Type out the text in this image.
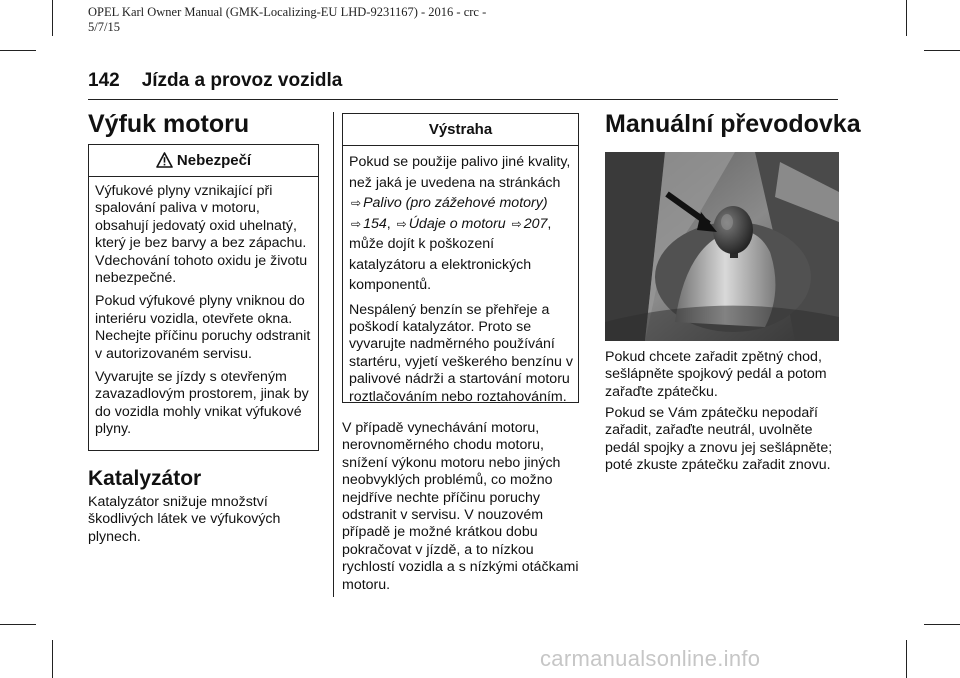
OPEL Karl Owner Manual (GMK-Localizing-EU LHD-9231167) - 2016 - crc -
5/7/15
142 Jízda a provoz vozidla
Výfuk motoru
Nebezpečí

Výfukové plyny vznikající při spalování paliva v motoru, obsahují jedovatý oxid uhelnatý, který je bez barvy a bez zápachu. Vdechování tohoto oxidu je životu nebezpečné.

Pokud výfukové plyny vniknou do interiéru vozidla, otevřete okna. Nechejte příčinu poruchy odstranit v autorizovaném servisu.

Vyvarujte se jízdy s otevřeným zavazadlovým prostorem, jinak by do vozidla mohly vnikat výfukové plyny.

Katalyzátor

Katalyzátor snižuje množství škodlivých látek ve výfukových plynech.

Výstraha

Pokud se použije palivo jiné kvality, než jaká je uvedena na stránkách ⇨ Palivo (pro zážehové motory) ⇨ 154, ⇨ Údaje o motoru ⇨ 207, může dojít k poškození katalyzátoru a elektronických komponentů.

Nespálený benzín se přehřeje a poškodí katalyzátor. Proto se vyvarujte nadměrného používání startéru, vyjetí veškerého benzínu v palivové nádrži a startování motoru roztlačováním nebo roztahováním.

V případě vynechávání motoru, nerovnoměrného chodu motoru, snížení výkonu motoru nebo jiných neobvyklých problémů, co možno nejdříve nechte příčinu poruchy odstranit v servisu. V nouzovém případě je možné krátkou dobu pokračovat v jízdě, a to nízkou rychlostí vozidla a s nízkými otáčkami motoru.

Manuální převodovka

Pokud chcete zařadit zpětný chod, sešlápněte spojkový pedál a potom zařaďte zpátečku.

Pokud se Vám zpátečku nepodaří zařadit, zařaďte neutrál, uvolněte pedál spojky a znovu jej sešlápněte; poté zkuste zpátečku zařadit znovu.

carmanualsonline.info
